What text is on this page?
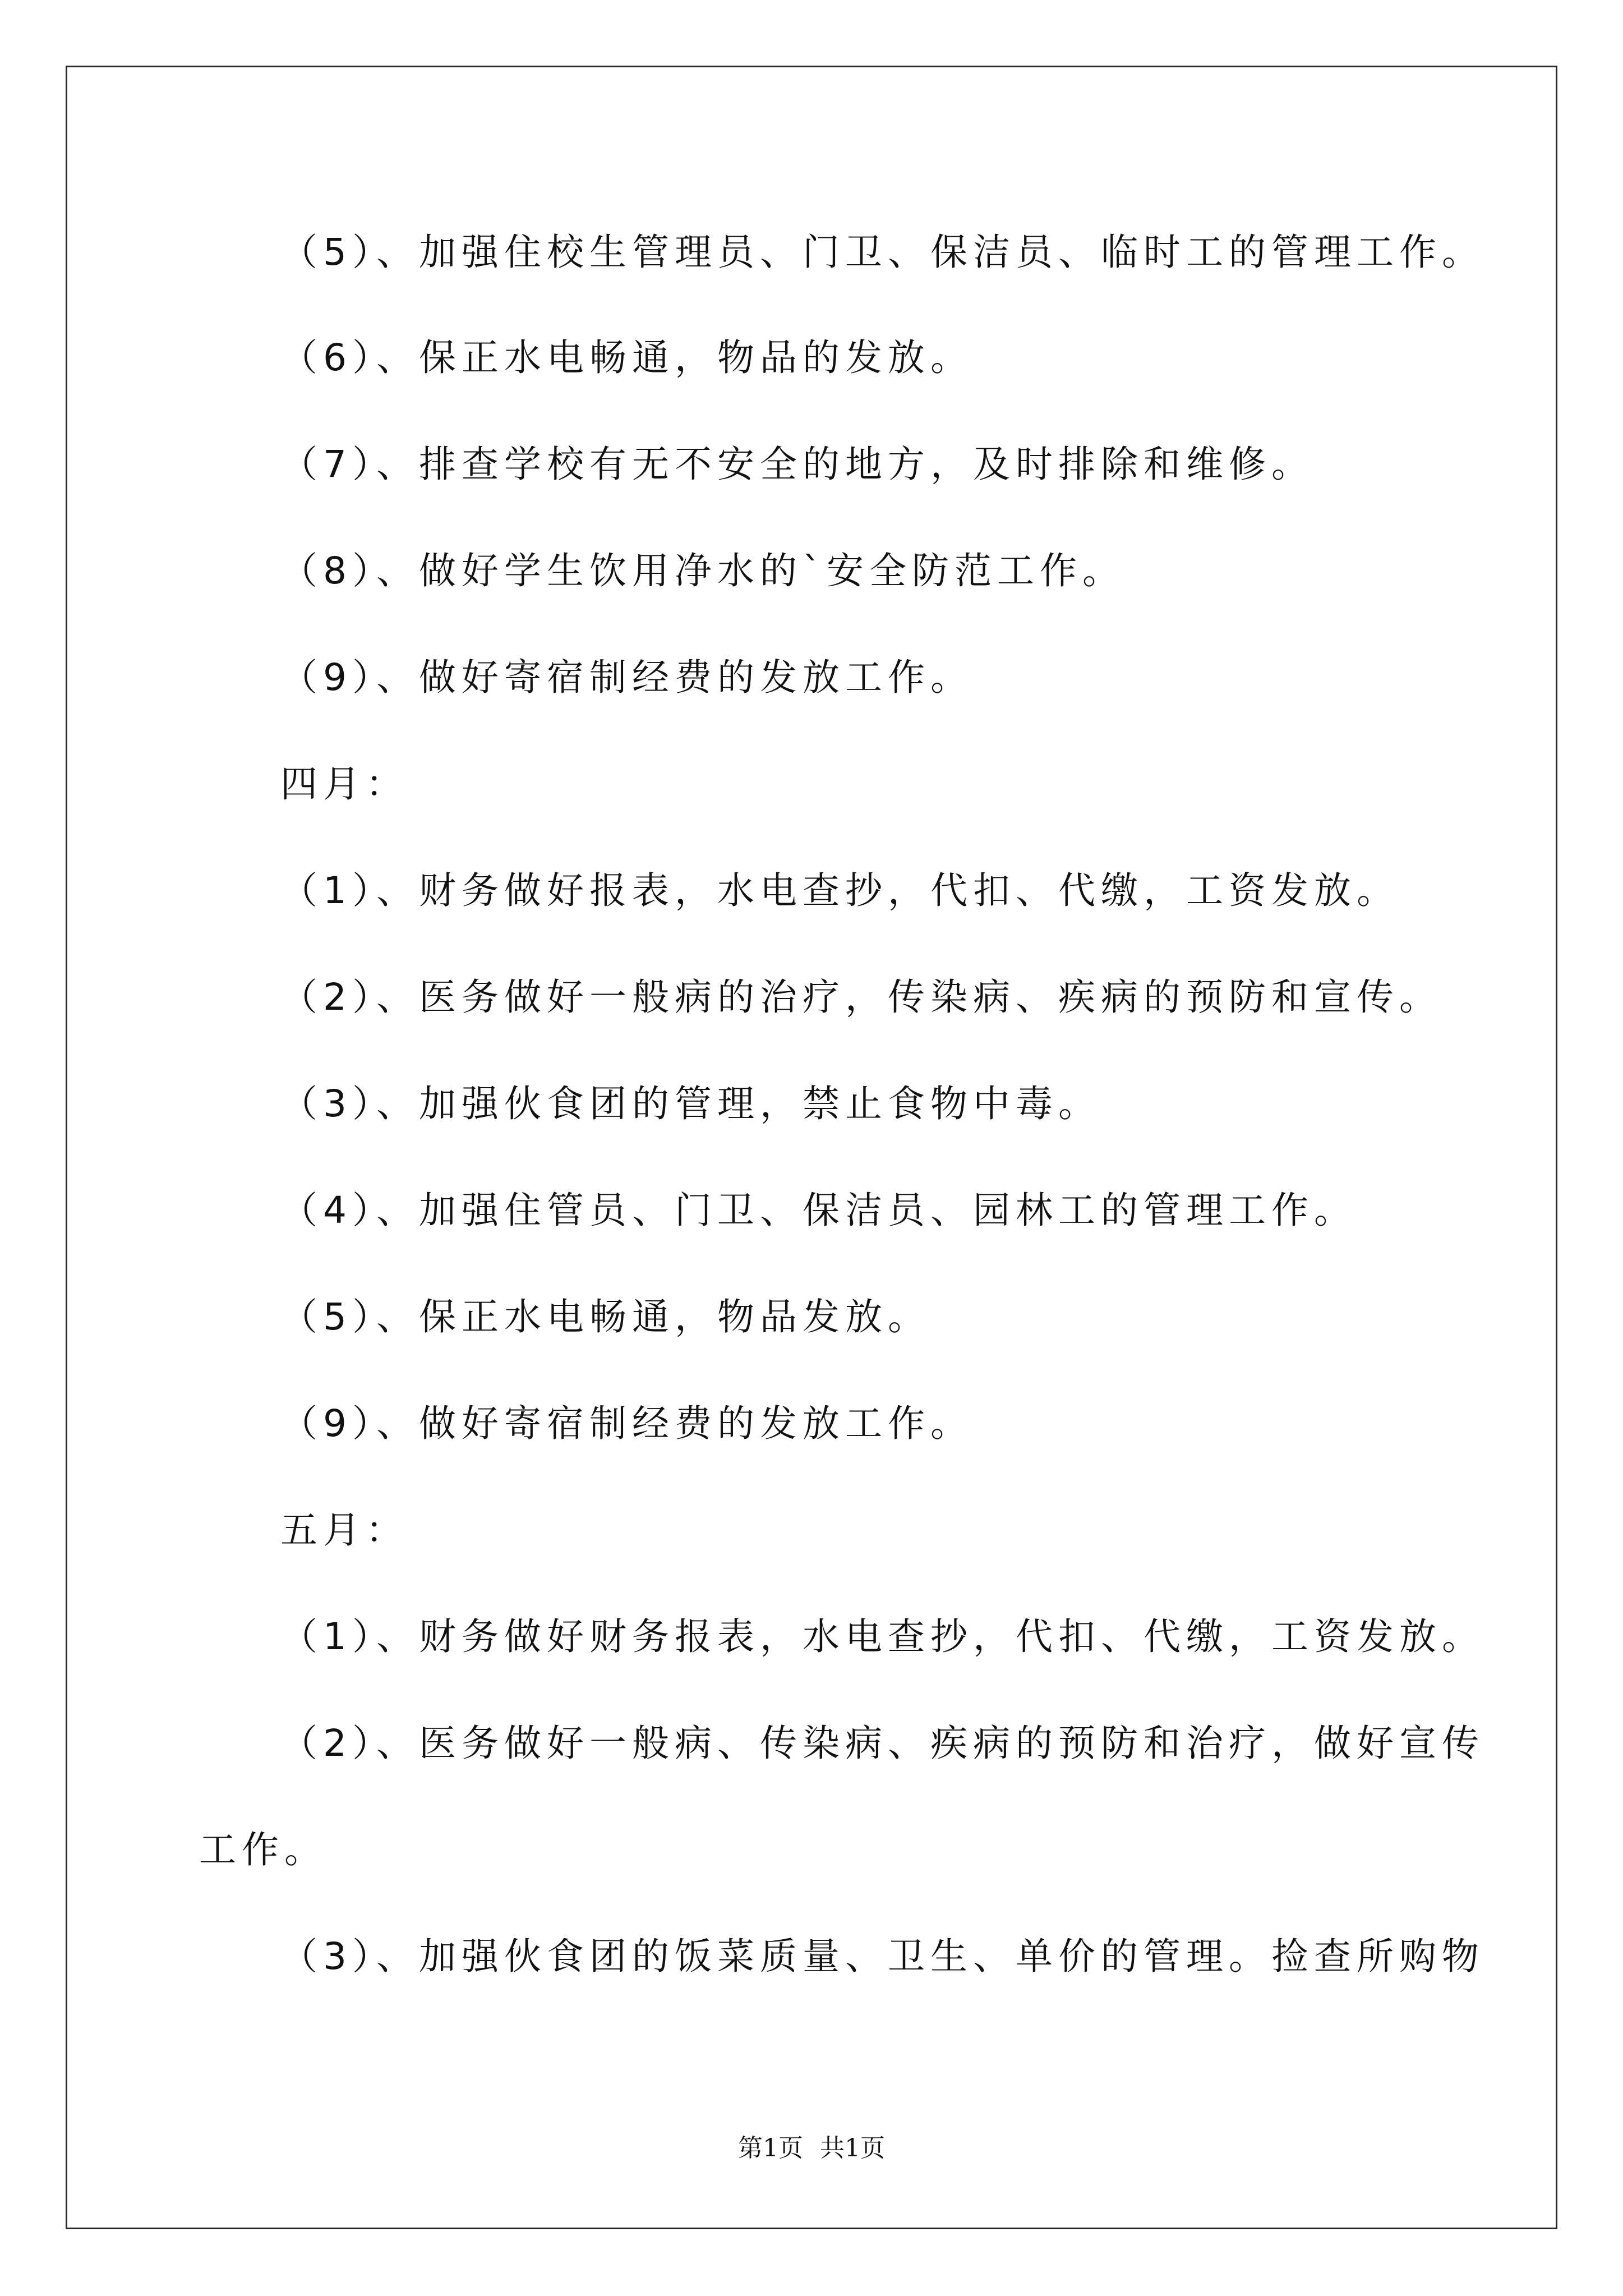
（5）、加强住校生管理员、门卫、保洁员、临时工的管理工作。
（6）、保正水电畅通，物品的发放。
（7）、排查学校有无不安全的地方，及时排除和维修。
（8）、做好学生饮用净水的`安全防范工作。
（9）、做好寄宿制经费的发放工作。
四月：
（1）、财务做好报表，水电查抄，代扣、代缴，工资发放。
（2）、医务做好一般病的治疗，传染病、疾病的预防和宣传。
（3）、加强伙食团的管理，禁止食物中毒。
（4）、加强住管员、门卫、保洁员、园林工的管理工作。
（5）、保正水电畅通，物品发放。
（9）、做好寄宿制经费的发放工作。
五月：
（1）、财务做好财务报表，水电查抄，代扣、代缴，工资发放。
（2）、医务做好一般病、传染病、疾病的预防和治疗，做好宣传
工作。
（3）、加强伙食团的饭菜质量、卫生、单价的管理。捡查所购物
第1页 共1页
